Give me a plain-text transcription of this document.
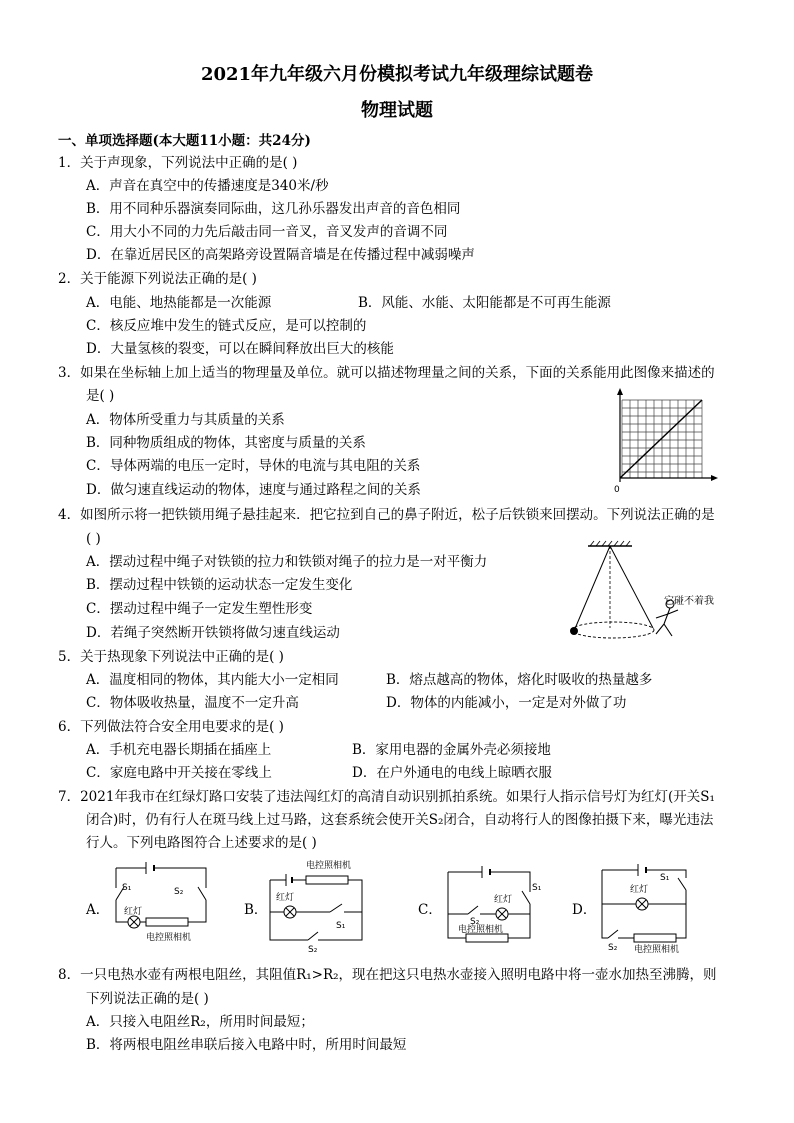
2021年九年级六月份模拟考试九年级理综试题卷
物理试题
一、单项选择题(本大题11小题：共24分)
1．关于声现象，下列说法中正确的是( )
A．声音在真空中的传播速度是340米/秒
B．用不同种乐器演奏同际曲，这几孙乐器发出声音的音色相同
C．用大小不同的力先后敲击同一音叉，音叉发声的音调不同
D．在靠近居民区的高架路旁设置隔音墙是在传播过程中减弱噪声
2．关于能源下列说法正确的是( )
A．电能、地热能都是一次能源	B．风能、水能、太阳能都是不可再生能源
C．核反应堆中发生的链式反应，是可以控制的
D．大量氢核的裂变，可以在瞬间释放出巨大的核能
3．如果在坐标轴上加上适当的物理量及单位。就可以描述物理量之间的关系，下面的关系能用此图像来描述的
是( )
A．物体所受重力与其质量的关系
B．同种物质组成的物体，其密度与质量的关系
C．导体两端的电压一定时，导休的电流与其电阻的关系
D．做匀速直线运动的物体，速度与通过路程之间的关系	0
4．如图所示将一把铁锁用绳子悬挂起来．把它拉到自己的鼻子附近，松子后铁锁来回摆动。下列说法正确的是
( )
A．摆动过程中绳子对铁锁的拉力和铁锁对绳子的拉力是一对平衡力
B．摆动过程中铁锁的运动状态一定发生变化
C．摆动过程中绳子一定发生塑性形变
D．若绳子突然断开铁锁将做匀速直线运动
它碰不着我
5．关于热现象下列说法中正确的是( )
A．温度相同的物体，其内能大小一定相同	B．熔点越高的物体，熔化时吸收的热量越多
C．物体吸收热量，温度不一定升高	D．物体的内能减小，一定是对外做了功
6．下列做法符合安全用电要求的是( )
A．手机充电器长期插在插座上	B．家用电器的金属外壳必须接地
C．家庭电路中开关接在零线上	D．在户外通电的电线上晾晒衣服
7．2021年我市在红绿灯路口安装了违法闯红灯的高清自动识别抓拍系统。如果行人指示信号灯为红灯(开关S₁
闭合)时，仍有行人在斑马线上过马路，这套系统会使开关S₂闭合，自动将行人的图像拍摄下来，曝光违法
行人。下列电路图符合上述要求的是( )
A．
S₁	S₂
红灯
电控照相机
B．
电控照相机
红灯
S₁
S₂
C．
S₁
红灯
S₂
电控照相机
D．
红灯
S₁
S₂ 电控照相机
8．一只电热水壶有两根电阻丝，其阻值R₁>R₂，现在把这只电热水壶接入照明电路中将一壶水加热至沸腾，则
下列说法正确的是( )
A．只接入电阻丝R₂，所用时间最短；
B．将两根电阻丝串联后接入电路中时，所用时间最短
